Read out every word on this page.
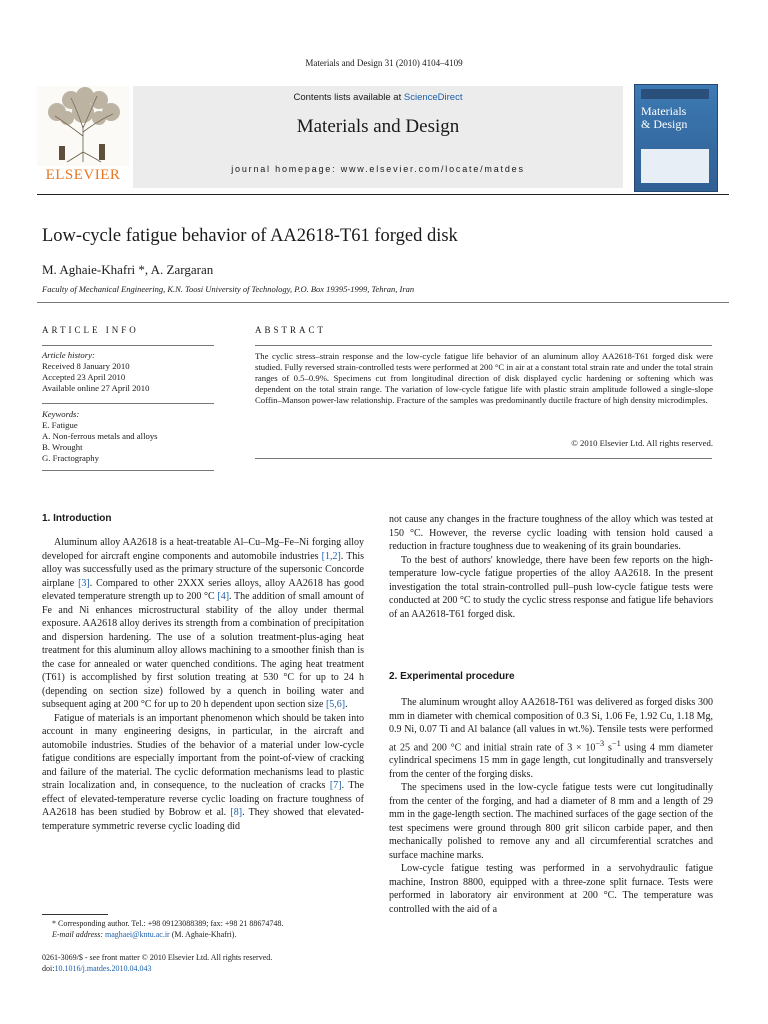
Materials and Design 31 (2010) 4104–4109
ELSEVIER
Contents lists available at ScienceDirect
Materials and Design
journal homepage: www.elsevier.com/locate/matdes
Materials
& Design
Low-cycle fatigue behavior of AA2618-T61 forged disk
M. Aghaie-Khafri *, A. Zargaran
Faculty of Mechanical Engineering, K.N. Toosi University of Technology, P.O. Box 19395-1999, Tehran, Iran
ARTICLE INFO	ABSTRACT
Article history:
Received 8 January 2010
Accepted 23 April 2010
Available online 27 April 2010
Keywords:
E. Fatigue
A. Non-ferrous metals and alloys
B. Wrought
G. Fractography
The cyclic stress–strain response and the low-cycle fatigue life behavior of an aluminum alloy AA2618-T61 forged disk were studied. Fully reversed strain-controlled tests were performed at 200 °C in air at a constant total strain rate and under the total strain ranges of 0.5–0.9%. Specimens cut from longitudinal direction of disk displayed cyclic hardening or softening which was dependent on the total strain range. The variation of low-cycle fatigue life with plastic strain amplitude followed a single-slope Coffin–Manson power-law relationship. Fracture of the samples was predominantly ductile fracture of high density microdimples.
© 2010 Elsevier Ltd. All rights reserved.
1. Introduction

Aluminum alloy AA2618 is a heat-treatable Al–Cu–Mg–Fe–Ni forging alloy developed for aircraft engine components and automobile industries [1,2]. This alloy was successfully used as the primary structure of the supersonic Concorde airplane [3]. Compared to other 2XXX series alloys, alloy AA2618 has good elevated temperature strength up to 200 °C [4]. The addition of small amount of Fe and Ni enhances microstructural stability of the alloy under thermal exposure. AA2618 alloy derives its strength from a combination of precipitation and dispersion hardening. The use of a solution treatment-plus-aging heat treatment for this aluminum alloy allows machining to a smoother finish than is the case for annealed or water quenched conditions. The aging heat treatment (T61) is accomplished by first solution treating at 530 °C for up to 24 h (depending on section size) followed by a quench in boiling water and subsequent aging at 200 °C for up to 20 h dependent upon section size [5,6].

Fatigue of materials is an important phenomenon which should be taken into account in many engineering designs, in particular, in the aircraft and automobile industries. Studies of the behavior of a material under low-cycle fatigue conditions are especially important from the point-of-view of cracking and failure of the material. The cyclic deformation mechanisms lead to plastic strain localization and, in consequence, to the nucleation of cracks [7]. The effect of elevated-temperature reverse cyclic loading on fracture toughness of AA2618 has been studied by Bobrow et al. [8]. They showed that elevated-temperature symmetric reverse cyclic loading did

not cause any changes in the fracture toughness of the alloy which was tested at 150 °C. However, the reverse cyclic loading with tension hold caused a reduction in fracture toughness due to weakening of its grain boundaries.

To the best of authors' knowledge, there have been few reports on the high-temperature low-cycle fatigue properties of the alloy AA2618. In the present investigation the total strain-controlled pull–push low-cycle fatigue tests were conducted at 200 °C to study the cyclic stress response and fatigue life behaviors of an AA2618-T61 forged disk.

2. Experimental procedure

The aluminum wrought alloy AA2618-T61 was delivered as forged disks 300 mm in diameter with chemical composition of 0.3 Si, 1.06 Fe, 1.92 Cu, 1.18 Mg, 0.9 Ni, 0.07 Ti and Al balance (all values in wt.%). Tensile tests were performed at 25 and 200 °C and initial strain rate of $3 \times 10^{-3}$ $s^{-1}$ using 4 mm diameter cylindrical specimens 15 mm in gage length, cut longitudinally and transversely from the center of the forging disks.

The specimens used in the low-cycle fatigue tests were cut longitudinally from the center of the forging, and had a diameter of 8 mm and a length of 29 mm in the gage-length section. The machined surfaces of the gage section of the test specimens were ground through 800 grit silicon carbide paper, and then mechanically polished to remove any and all circumferential scratches and surface machine marks.

Low-cycle fatigue testing was performed in a servohydraulic fatigue machine, Instron 8800, equipped with a three-zone split furnace. Tests were performed in laboratory air environment at 200 °C. The temperature was controlled with the aid of a

* Corresponding author. Tel.: +98 09123088389; fax: +98 21 88674748.
E-mail address: maghaei@kntu.ac.ir (M. Aghaie-Khafri).
0261-3069/$ - see front matter © 2010 Elsevier Ltd. All rights reserved.
doi:10.1016/j.matdes.2010.04.043
